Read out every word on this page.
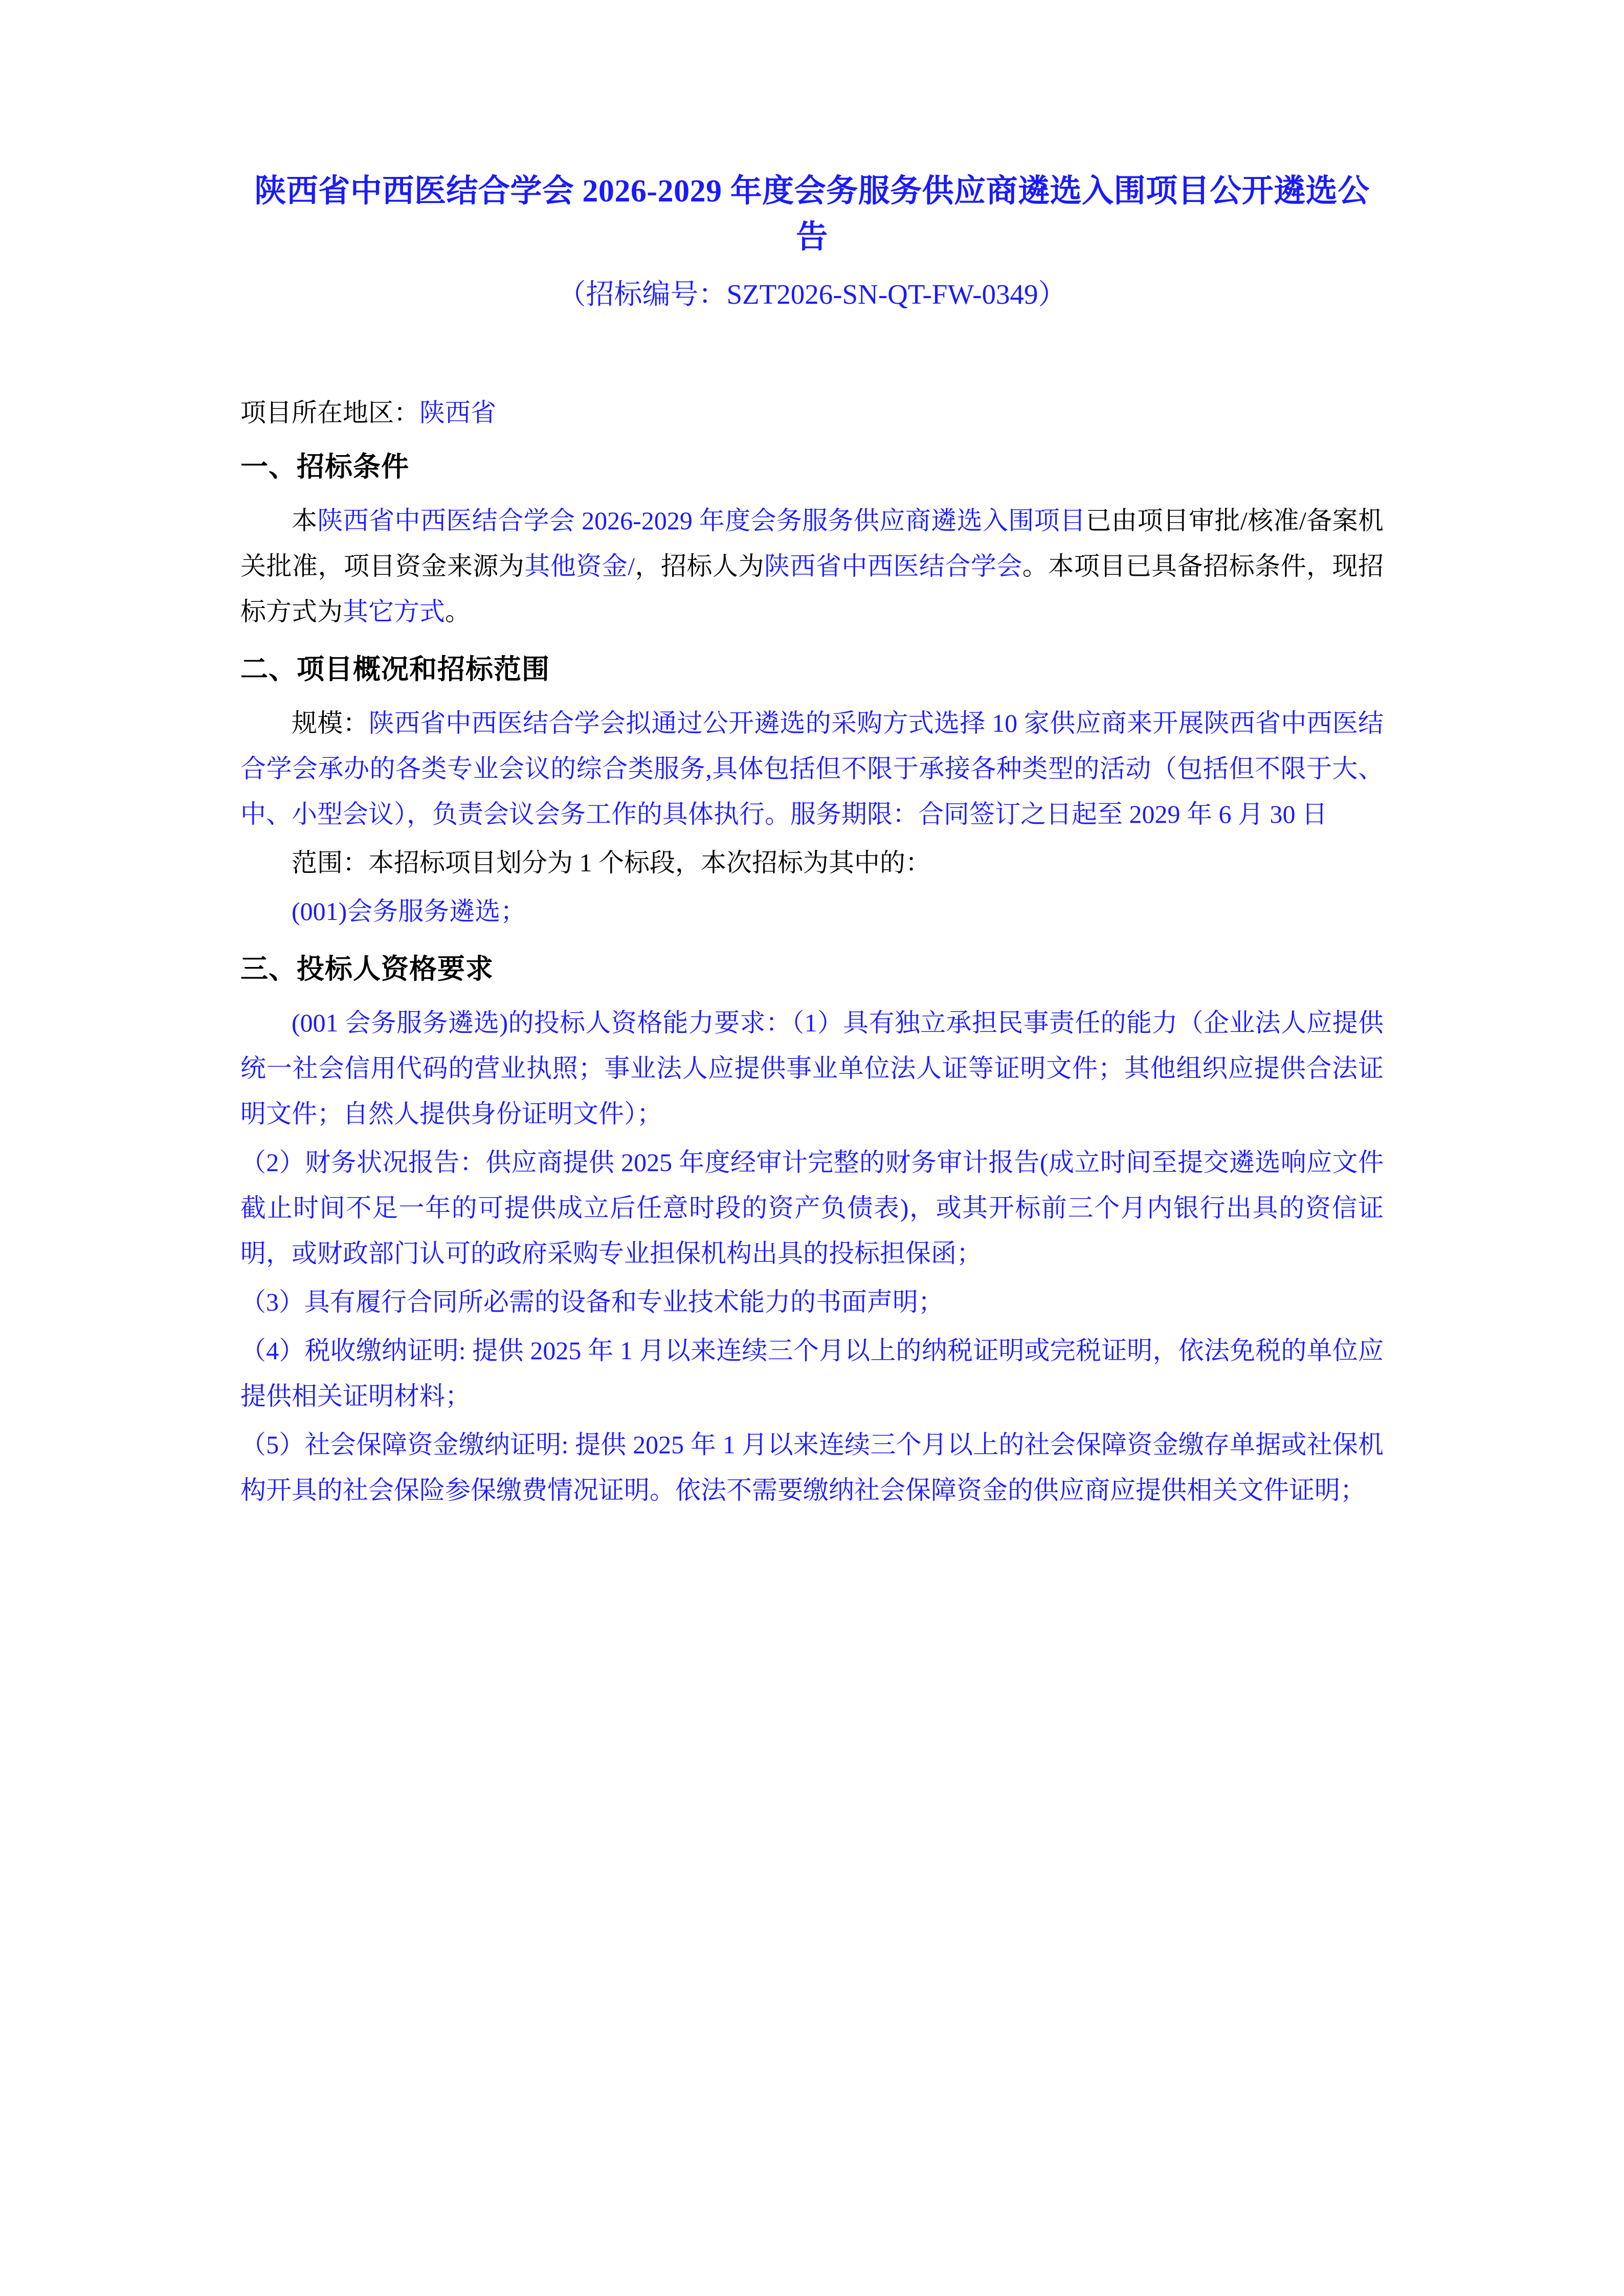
陕西省中西医结合学会 2026-2029 年度会务服务供应商遴选入围项目公开遴选公告
（招标编号：SZT2026-SN-QT-FW-0349）
项目所在地区：陕西省
一、招标条件

本陕西省中西医结合学会 2026-2029 年度会务服务供应商遴选入围项目已由项目审批/核准/备案机关批准，项目资金来源为其他资金/，招标人为陕西省中西医结合学会。本项目已具备招标条件，现招标方式为其它方式。

二、项目概况和招标范围

规模：陕西省中西医结合学会拟通过公开遴选的采购方式选择 10 家供应商来开展陕西省中西医结合学会承办的各类专业会议的综合类服务,具体包括但不限于承接各种类型的活动（包括但不限于大、中、小型会议），负责会议会务工作的具体执行。服务期限：合同签订之日起至 2029 年 6 月 30 日

范围：本招标项目划分为 1 个标段，本次招标为其中的：

(001)会务服务遴选；

三、投标人资格要求

(001 会务服务遴选)的投标人资格能力要求：（1）具有独立承担民事责任的能力（企业法人应提供统一社会信用代码的营业执照；事业法人应提供事业单位法人证等证明文件；其他组织应提供合法证明文件；自然人提供身份证明文件）；

（2）财务状况报告：供应商提供 2025 年度经审计完整的财务审计报告(成立时间至提交遴选响应文件截止时间不足一年的可提供成立后任意时段的资产负债表)，或其开标前三个月内银行出具的资信证明，或财政部门认可的政府采购专业担保机构出具的投标担保函；

（3）具有履行合同所必需的设备和专业技术能力的书面声明；

（4）税收缴纳证明: 提供 2025 年 1 月以来连续三个月以上的纳税证明或完税证明，依法免税的单位应提供相关证明材料；

（5）社会保障资金缴纳证明: 提供 2025 年 1 月以来连续三个月以上的社会保障资金缴存单据或社保机构开具的社会保险参保缴费情况证明。依法不需要缴纳社会保障资金的供应商应提供相关文件证明；
